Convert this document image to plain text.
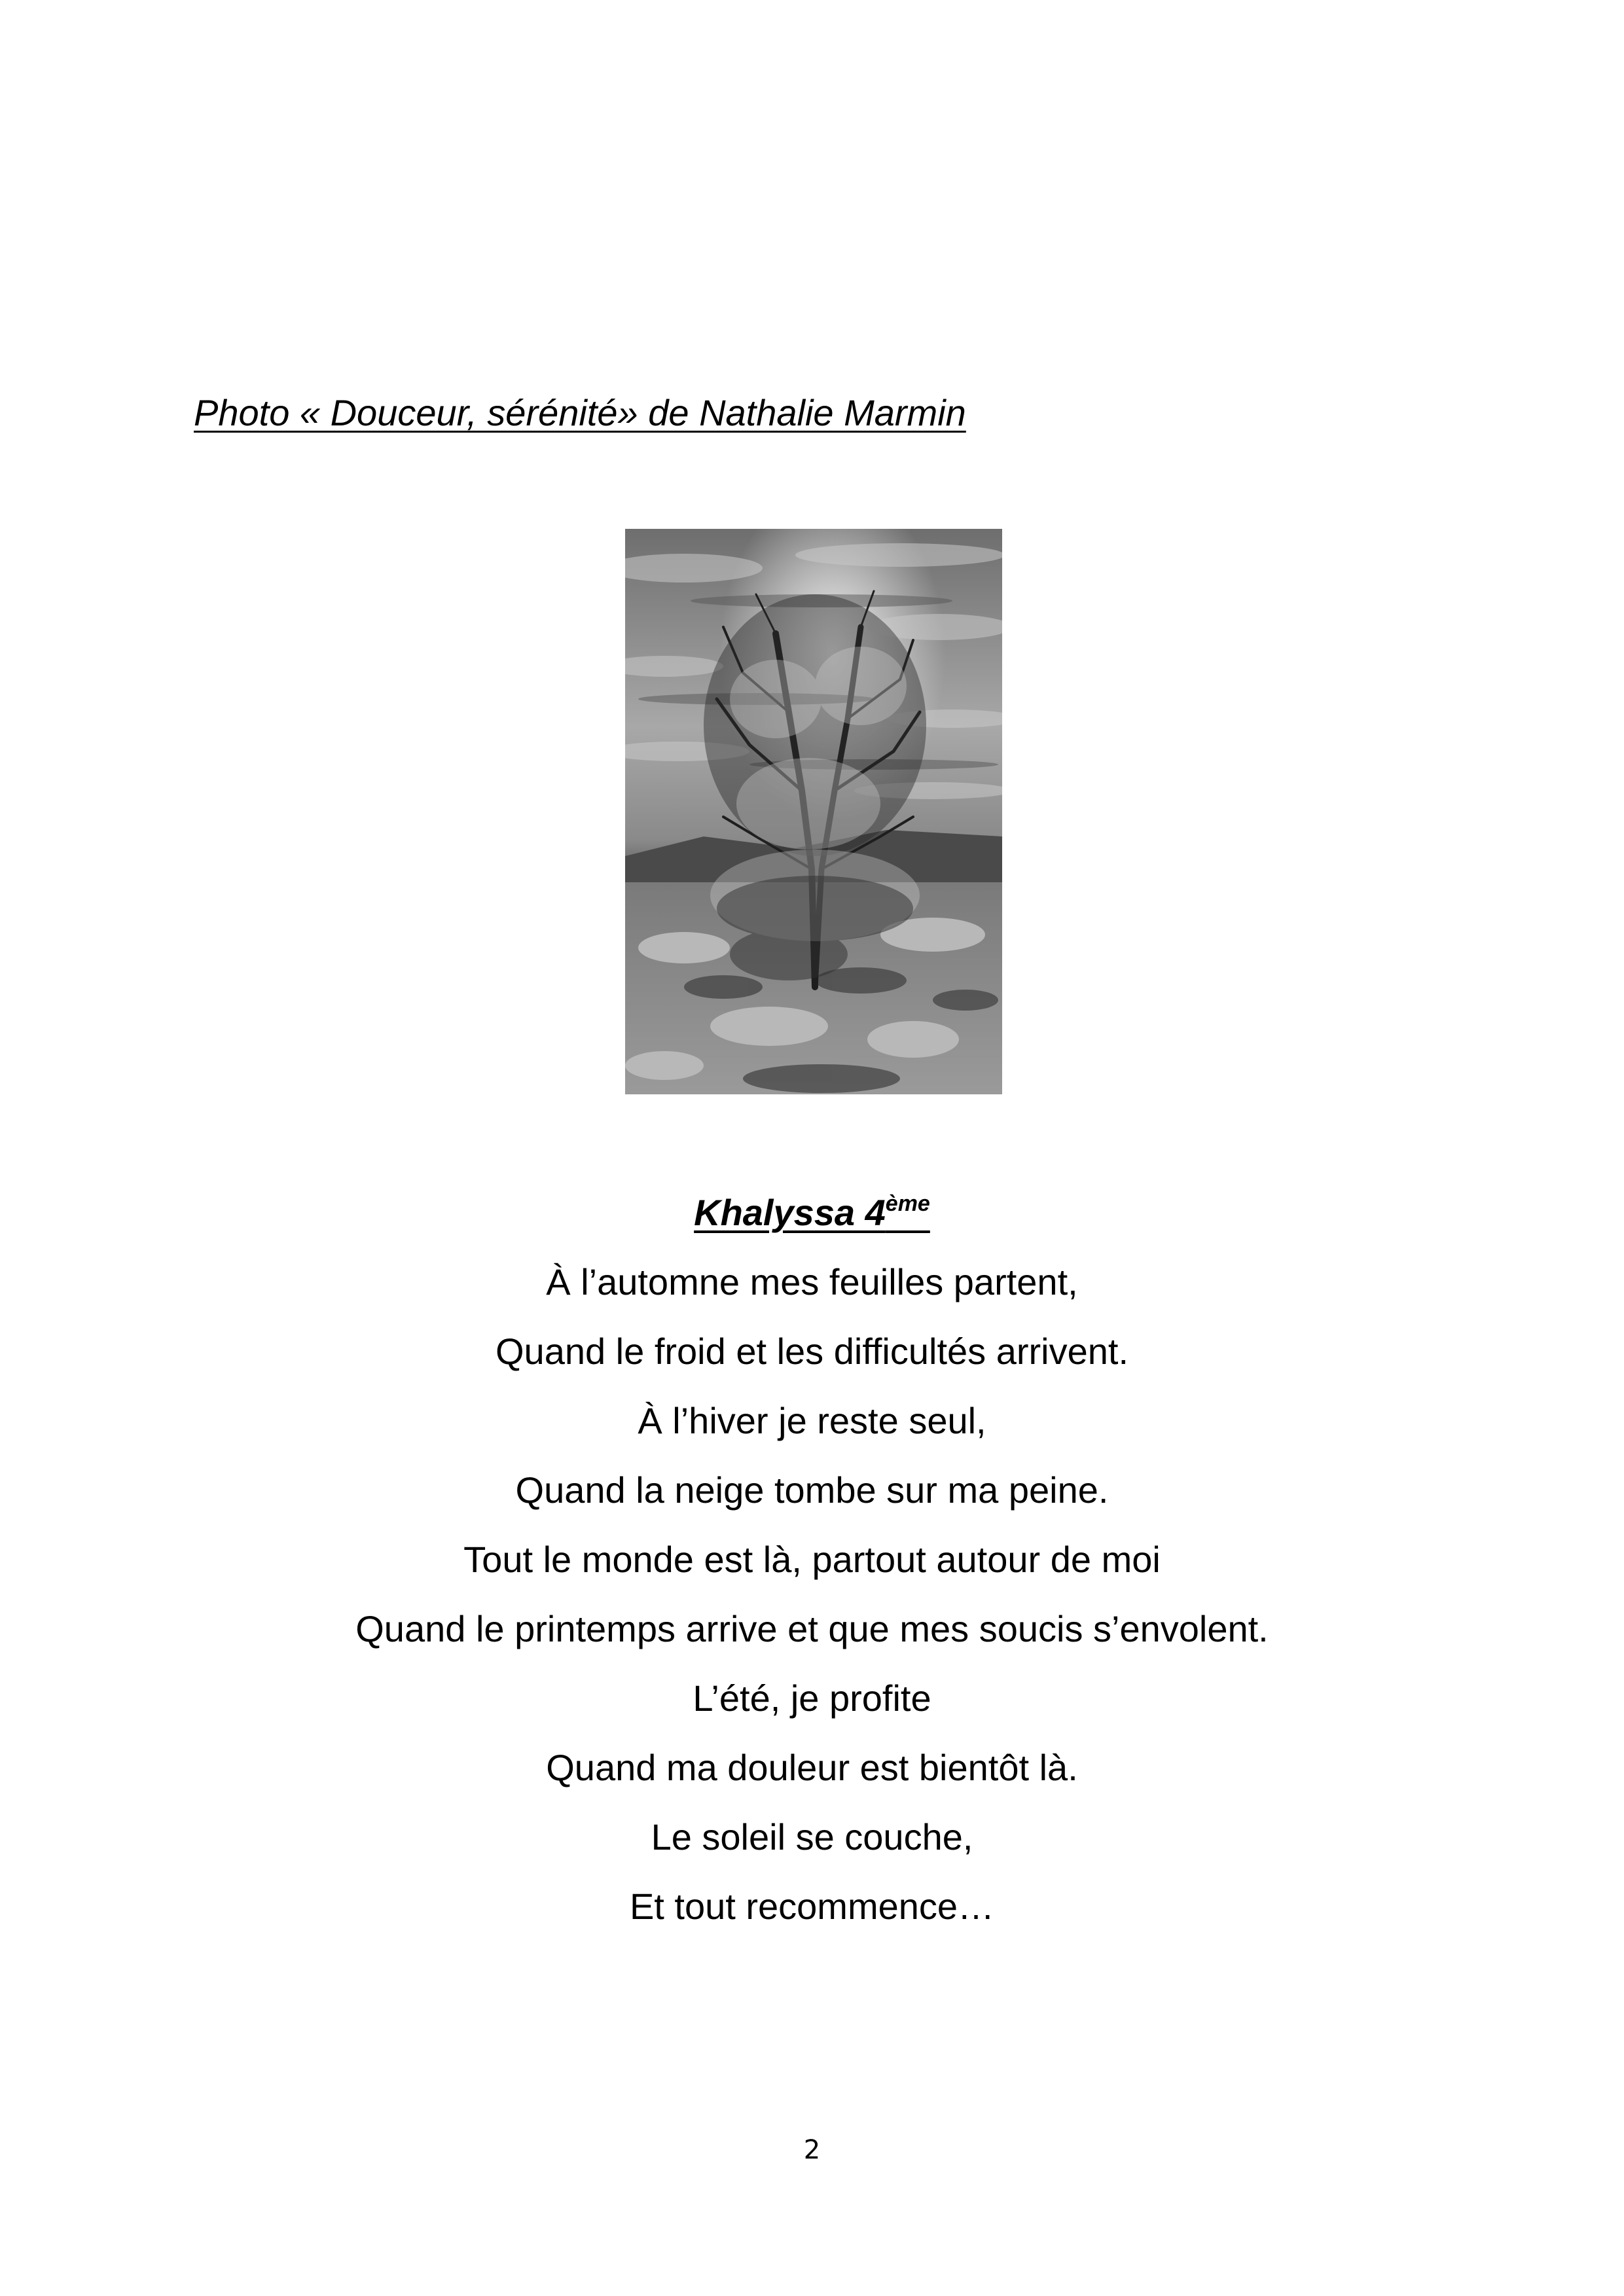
Photo « Douceur, sérénité» de Nathalie Marmin
Khalyssa 4ème
À l’automne mes feuilles partent,
Quand le froid et les difficultés arrivent.
À l’hiver je reste seul,
Quand la neige tombe sur ma peine.
Tout le monde est là, partout autour de moi
Quand le printemps arrive et que mes soucis s’envolent.
L’été, je profite
Quand ma douleur est bientôt là.
Le soleil se couche,
Et tout recommence…
2
